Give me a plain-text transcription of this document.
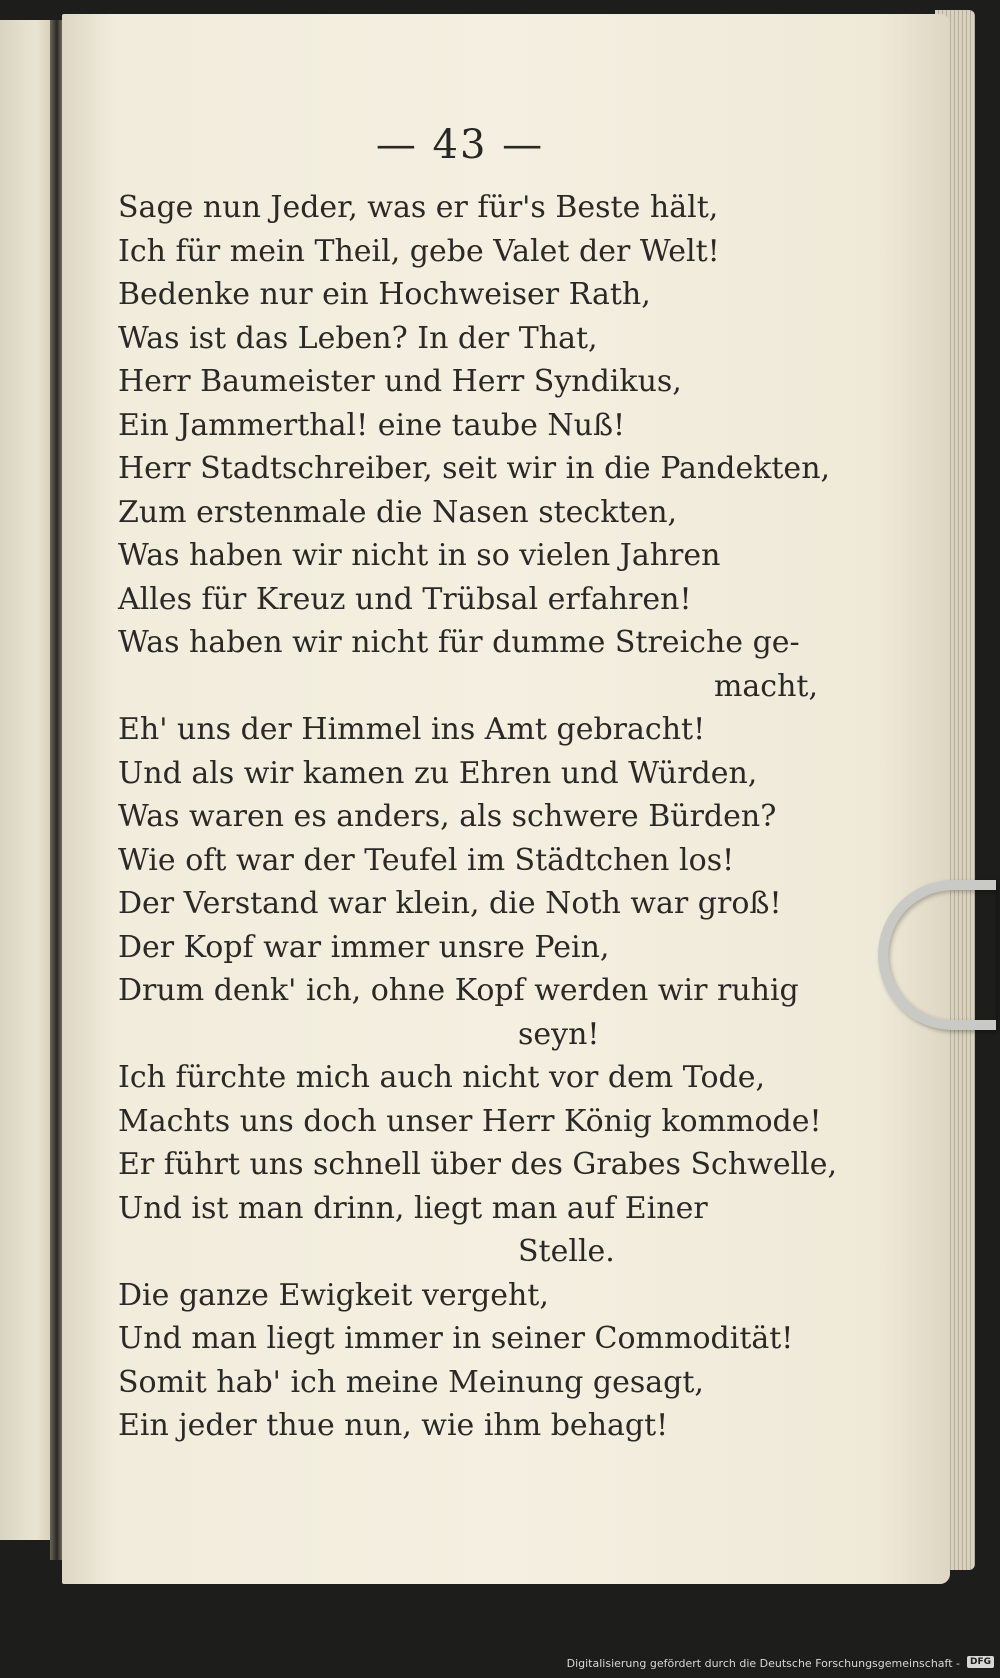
— 43 —
Sage nun Jeder, was er für's Beste hält,
Ich für mein Theil, gebe Valet der Welt!
Bedenke nur ein Hochweiser Rath,
Was ist das Leben? In der That,
Herr Baumeister und Herr Syndikus,
Ein Jammerthal! eine taube Nuß!
Herr Stadtschreiber, seit wir in die Pandekten,
Zum erstenmale die Nasen steckten,
Was haben wir nicht in so vielen Jahren
Alles für Kreuz und Trübsal erfahren!
Was haben wir nicht für dumme Streiche ge-
macht,
Eh' uns der Himmel ins Amt gebracht!
Und als wir kamen zu Ehren und Würden,
Was waren es anders, als schwere Bürden?
Wie oft war der Teufel im Städtchen los!
Der Verstand war klein, die Noth war groß!
Der Kopf war immer unsre Pein,
Drum denk' ich, ohne Kopf werden wir ruhig
seyn!
Ich fürchte mich auch nicht vor dem Tode,
Machts uns doch unser Herr König kommode!
Er führt uns schnell über des Grabes Schwelle,
Und ist man drinn, liegt man auf Einer
Stelle.
Die ganze Ewigkeit vergeht,
Und man liegt immer in seiner Commodität!
Somit hab' ich meine Meinung gesagt,
Ein jeder thue nun, wie ihm behagt!
Digitalisierung gefördert durch die Deutsche Forschungsgemeinschaft -	DFG
